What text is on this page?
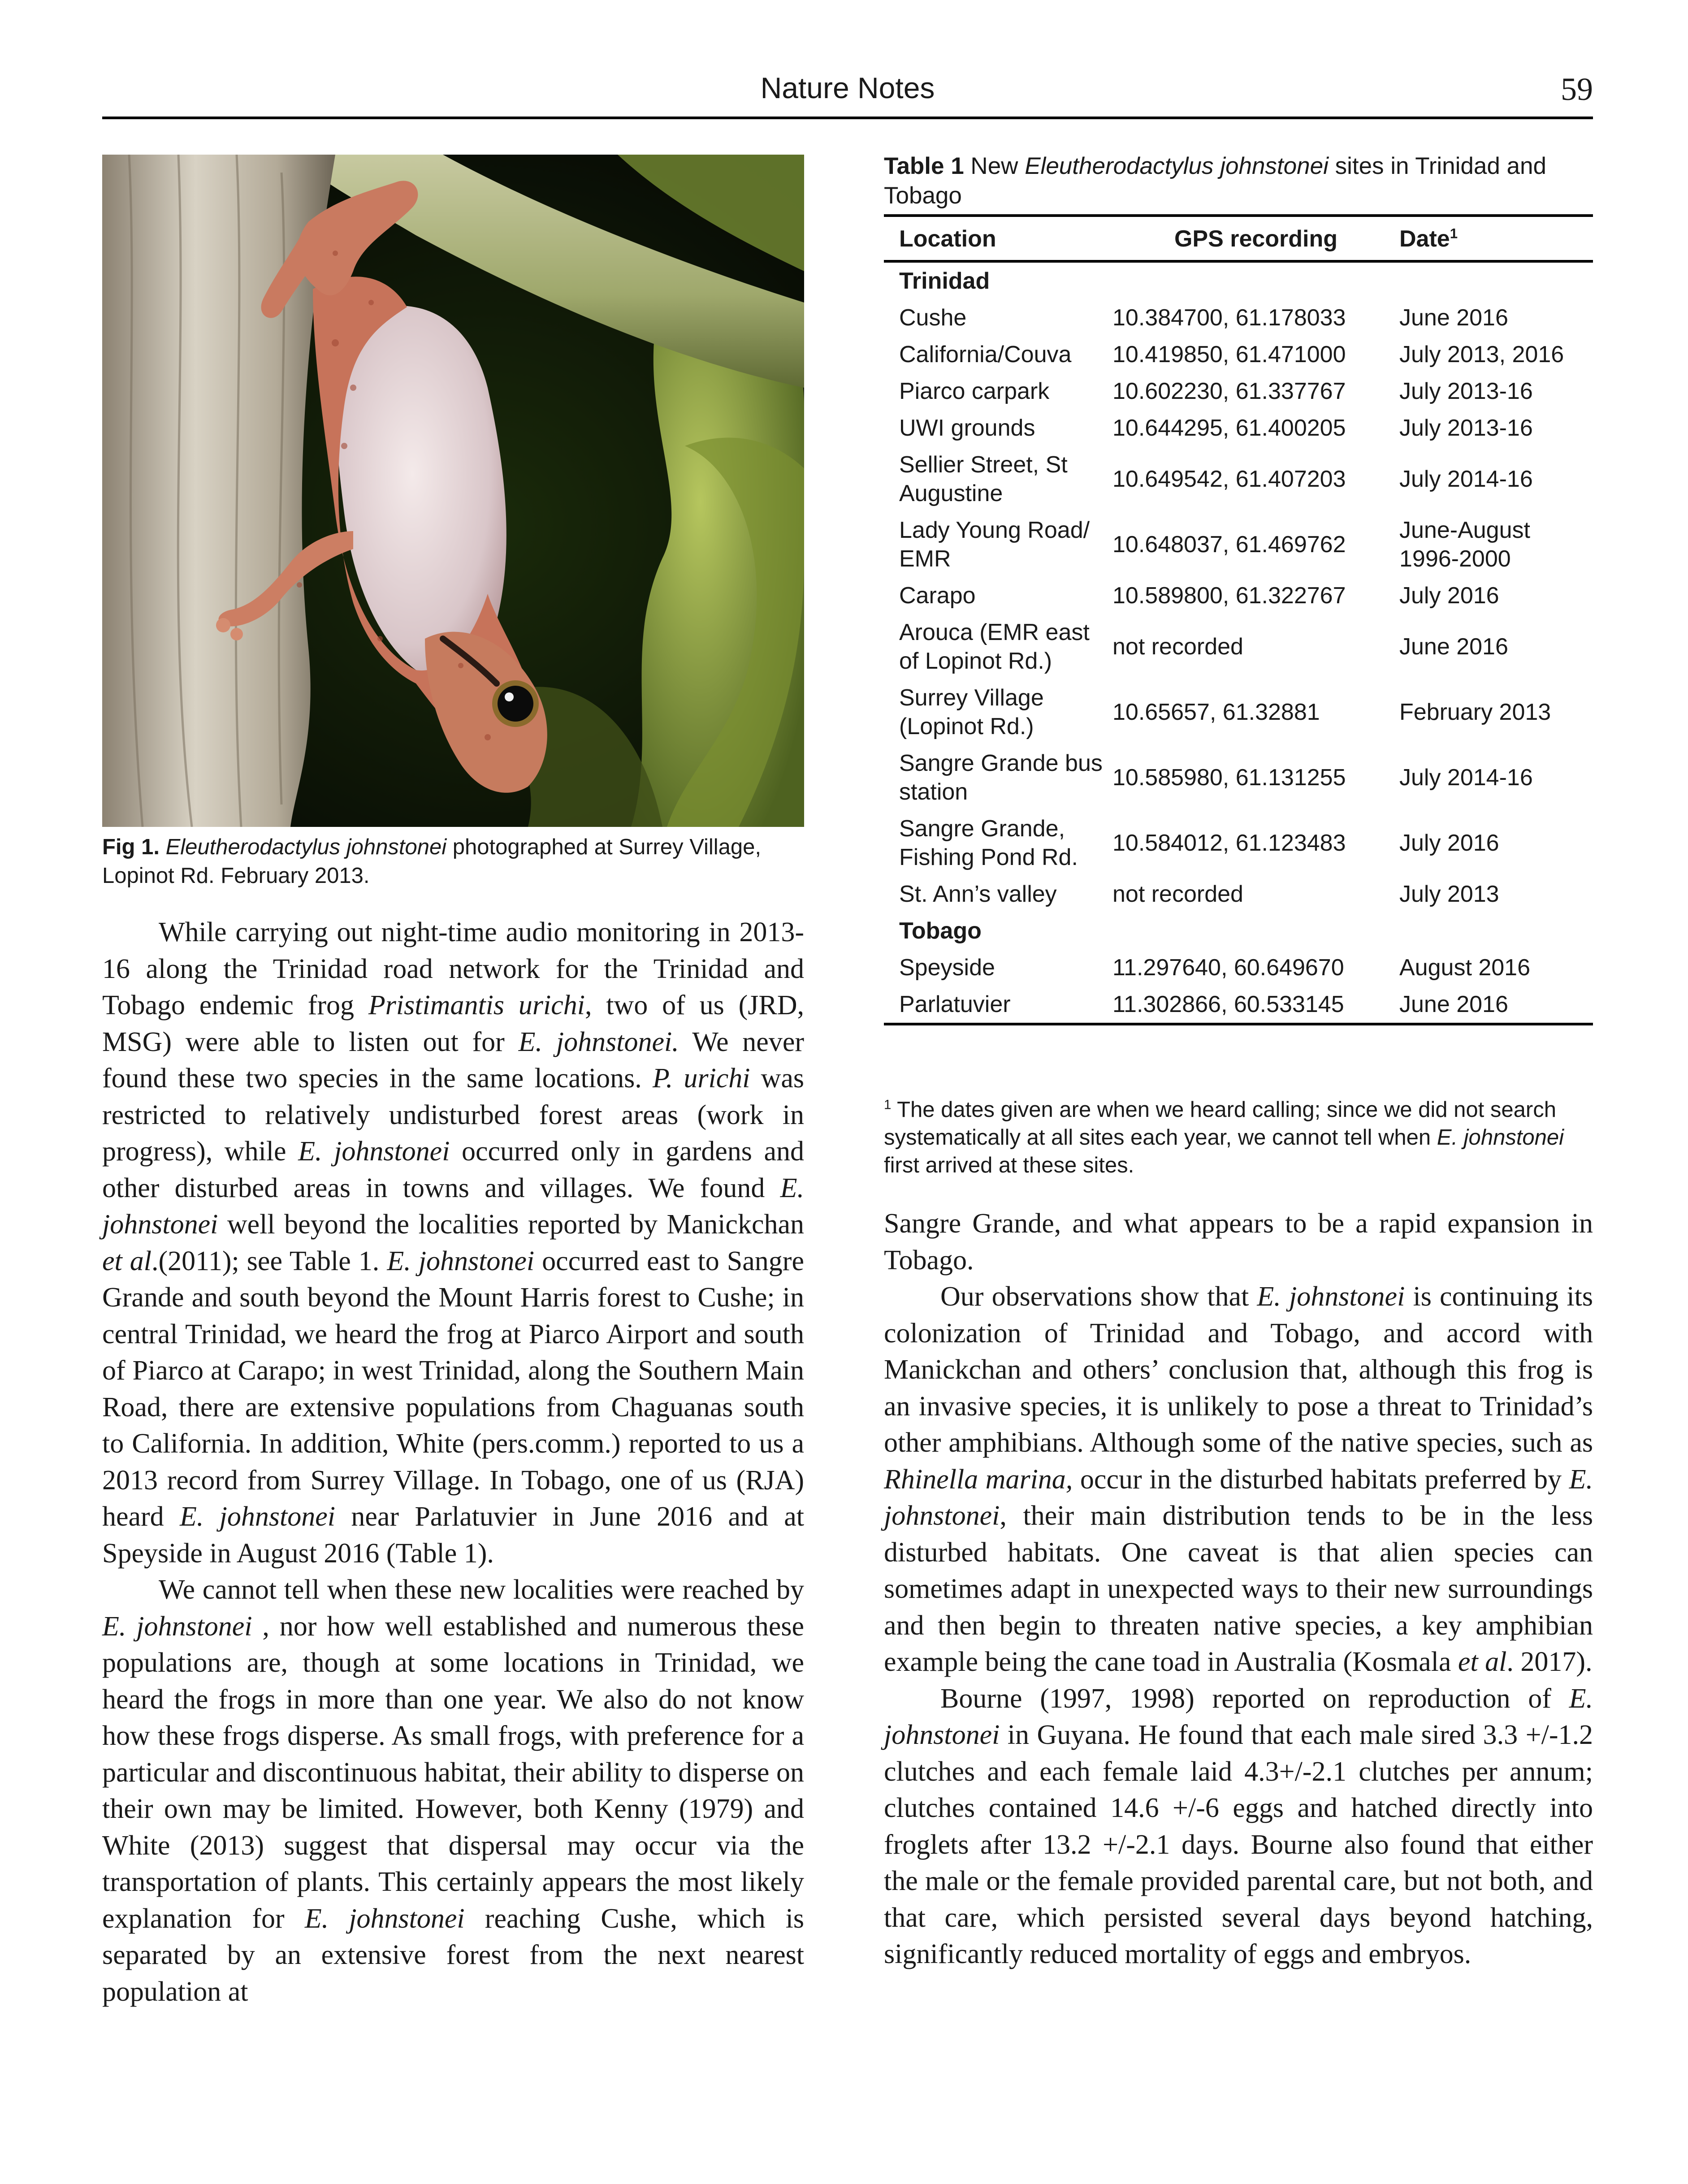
Nature Notes	59
Fig 1. Eleutherodactylus johnstonei photographed at Surrey Village, Lopinot Rd. February 2013.
Table 1 New Eleutherodactylus johnstonei sites in Trinidad and Tobago
Location	GPS recording	Date$^1$
Trinidad		
Cushe	10.384700, 61.178033	June 2016
California/Couva	10.419850, 61.471000	July 2013, 2016
Piarco carpark	10.602230, 61.337767	July 2013-16
UWI grounds	10.644295, 61.400205	July 2013-16
Sellier Street, St Augustine	10.649542, 61.407203	July 2014-16
Lady Young Road/ EMR	10.648037, 61.469762	June-August 1996-2000
Carapo	10.589800, 61.322767	July 2016
Arouca (EMR east of Lopinot Rd.)	not recorded	June 2016
Surrey Village (Lopinot Rd.)	10.65657, 61.32881	February 2013
Sangre Grande bus station	10.585980, 61.131255	July 2014-16
Sangre Grande, Fishing Pond Rd.	10.584012, 61.123483	July 2016
St. Ann’s valley	not recorded	July 2013
Tobago		
Speyside	11.297640, 60.649670	August 2016
Parlatuvier	11.302866, 60.533145	June 2016
$^1$ The dates given are when we heard calling; since we did not search systematically at all sites each year, we cannot tell when E. johnstonei first arrived at these sites.

While carrying out night-time audio monitoring in 2013-16 along the Trinidad road network for the Trinidad and Tobago endemic frog Pristimantis urichi, two of us (JRD, MSG) were able to listen out for E. johnstonei. We never found these two species in the same locations. P. urichi was restricted to relatively undisturbed forest areas (work in progress), while E. johnstonei occurred only in gardens and other disturbed areas in towns and villages. We found E. johnstonei well beyond the localities reported by Manickchan et al.(2011); see Table 1. E. johnstonei occurred east to Sangre Grande and south beyond the Mount Harris forest to Cushe; in central Trinidad, we heard the frog at Piarco Airport and south of Piarco at Carapo; in west Trinidad, along the Southern Main Road, there are extensive populations from Chaguanas south to California. In addition, White (pers.comm.) reported to us a 2013 record from Surrey Village. In Tobago, one of us (RJA) heard E. johnstonei near Parlatuvier in June 2016 and at Speyside in August 2016 (Table 1).

We cannot tell when these new localities were reached by E. johnstonei , nor how well established and numerous these populations are, though at some locations in Trinidad, we heard the frogs in more than one year. We also do not know how these frogs disperse. As small frogs, with preference for a particular and discontinuous habitat, their ability to disperse on their own may be limited. However, both Kenny (1979) and White (2013) suggest that dispersal may occur via the transportation of plants. This certainly appears the most likely explanation for E. johnstonei reaching Cushe, which is separated by an extensive forest from the next nearest population at

Sangre Grande, and what appears to be a rapid expansion in Tobago.

Our observations show that E. johnstonei is continuing its colonization of Trinidad and Tobago, and accord with Manickchan and others’ conclusion that, although this frog is an invasive species, it is unlikely to pose a threat to Trinidad’s other amphibians. Although some of the native species, such as Rhinella marina, occur in the disturbed habitats preferred by E. johnstonei, their main distribution tends to be in the less disturbed habitats. One caveat is that alien species can sometimes adapt in unexpected ways to their new surroundings and then begin to threaten native species, a key amphibian example being the cane toad in Australia (Kosmala et al. 2017).

Bourne (1997, 1998) reported on reproduction of E. johnstonei in Guyana. He found that each male sired 3.3 +/-1.2 clutches and each female laid 4.3+/-2.1 clutches per annum; clutches contained 14.6 +/-6 eggs and hatched directly into froglets after 13.2 +/-2.1 days. Bourne also found that either the male or the female provided parental care, but not both, and that care, which persisted several days beyond hatching, significantly reduced mortality of eggs and embryos.
